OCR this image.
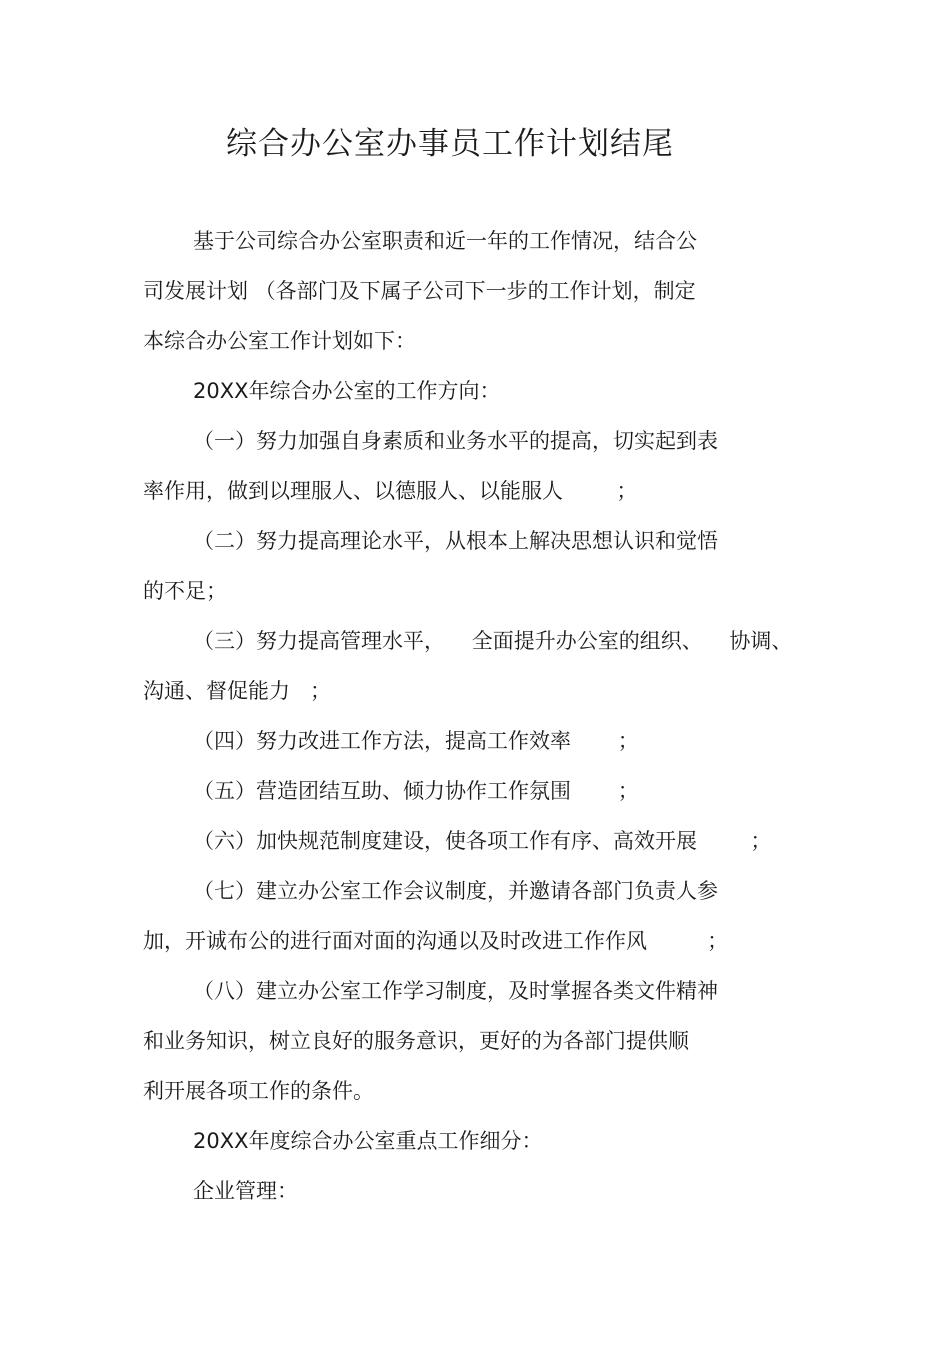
综合办公室办事员工作计划结尾
基于公司综合办公室职责和近一年的工作情况，结合公
司发展计划 （各部门及下属子公司下一步的工作计划，制定
本综合办公室工作计划如下：
20XX年综合办公室的工作方向：
（一）努力加强自身素质和业务水平的提高，切实起到表
率作用，做到以理服人、以德服人、以能服人        ；
（二）努力提高理论水平，从根本上解决思想认识和觉悟
的不足；
（三）努力提高管理水平，    全面提升办公室的组织、    协调、
沟通、督促能力   ；
（四）努力改进工作方法，提高工作效率       ；
（五）营造团结互助、倾力协作工作氛围       ；
（六）加快规范制度建设，使各项工作有序、高效开展        ；
（七）建立办公室工作会议制度，并邀请各部门负责人参
加，开诚布公的进行面对面的沟通以及时改进工作作风         ；
（八）建立办公室工作学习制度，及时掌握各类文件精神
和业务知识，树立良好的服务意识，更好的为各部门提供顺
利开展各项工作的条件。
20XX年度综合办公室重点工作细分：
企业管理：
